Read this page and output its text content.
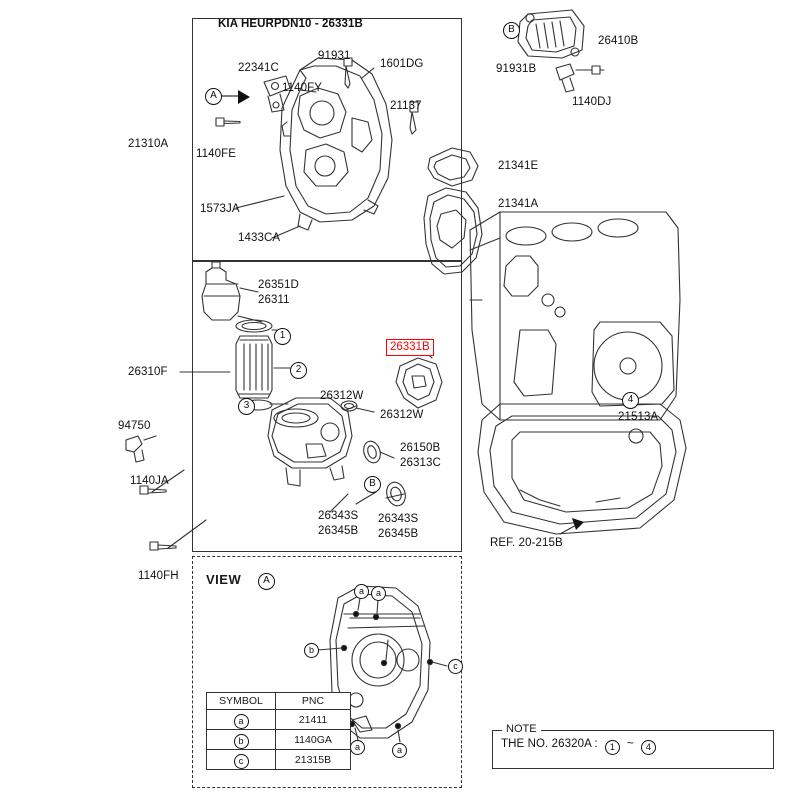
KIA HEURPDN10 - 26331B
21310A
22341C
1140FY
91931
1601DG
21137
1140FE
1573JA
1433CA
26410B
91931B
1140DJ
21341E
21341A
26351D
26311
26310F
26331B
26312W
26312W
26150B
26313C
26343S
26345B
26343S
26345B
94750
1140JA
1140FH
21513A
REF. 20-215B
1
2
3
4
A
B
B
VIEW	A
a	a
b
c
a	a
SYMBOL	PNC
a	21411
b	1140GA
c	21315B
THE NO. 26320A : 1 ~ 4
NOTE
